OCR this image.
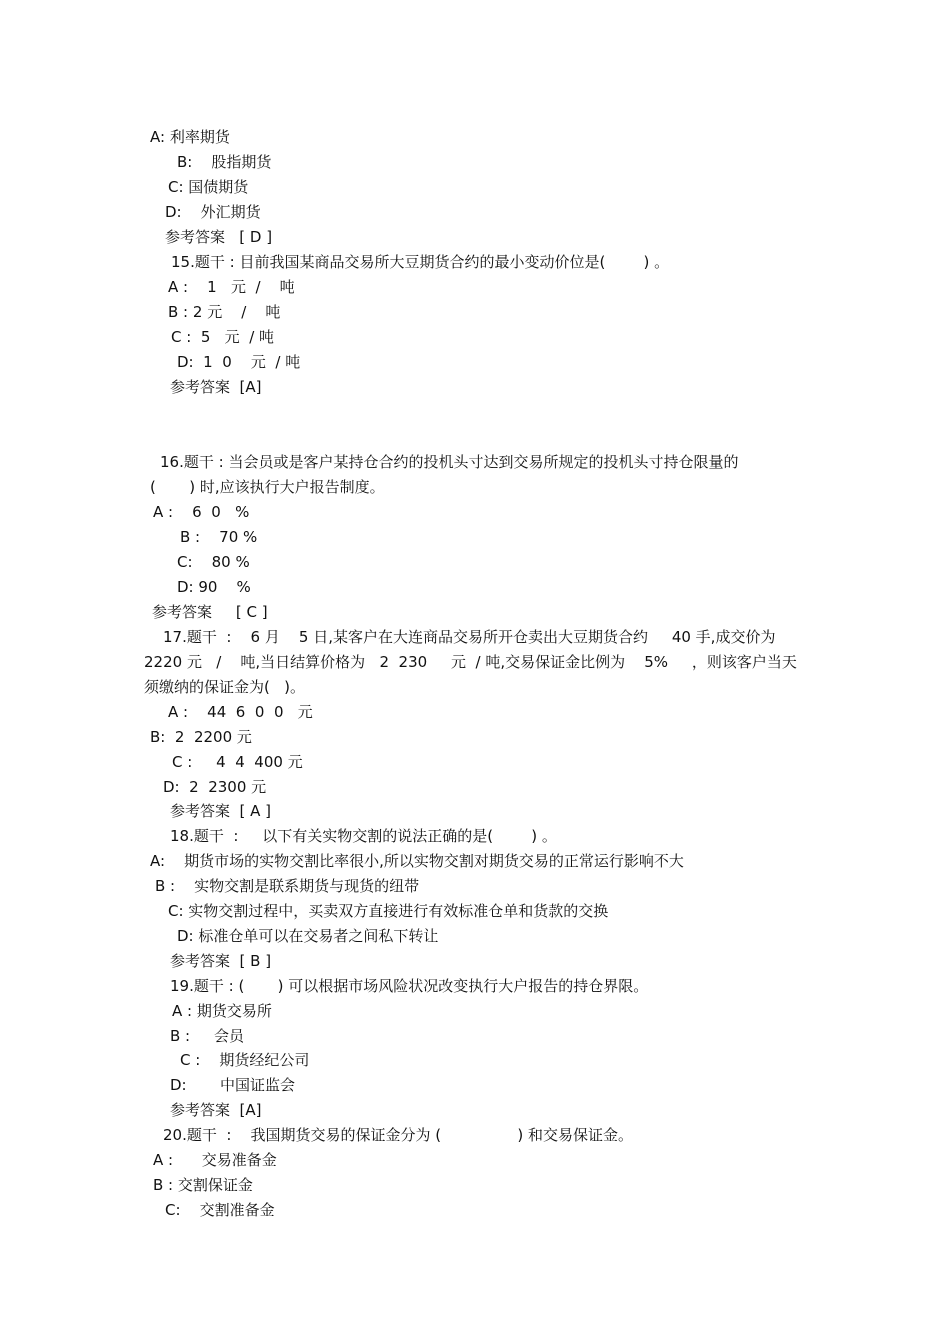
A: 利率期货
B:    股指期货
C: 国债期货
D:    外汇期货
参考答案   [ D ]
15.题干 : 目前我国某商品交易所大豆期货合约的最小变动价位是(        ) 。
A :    1   元  /    吨
B : 2 元    /    吨
C :  5   元  / 吨
D:  1  0    元  / 吨
参考答案  [A]
16.题干 : 当会员或是客户某持仓合约的投机头寸达到交易所规定的投机头寸持仓限量的
(       ) 时,应该执行大户报告制度。
A :    6  0   %
B :    70 %
C:    80 %
D: 90    %
参考答案     [ C ]
17.题干  :    6 月    5 日,某客户在大连商品交易所开仓卖出大豆期货合约     40 手,成交价为
2220 元   /    吨,当日结算价格为   2  230     元  / 吨,交易保证金比例为    5%     ，则该客户当天
须缴纳的保证金为(   )。
A :    44  6  0  0   元
B:  2  2200 元
C :     4  4  400 元
D:  2  2300 元
参考答案  [ A ]
18.题干  :     以下有关实物交割的说法正确的是(        ) 。
A:    期货市场的实物交割比率很小,所以实物交割对期货交易的正常运行影响不大
B :    实物交割是联系期货与现货的纽带
C: 实物交割过程中，买卖双方直接进行有效标准仓单和货款的交换
D: 标准仓单可以在交易者之间私下转让
参考答案  [ B ]
19.题干 : (       ) 可以根据市场风险状况改变执行大户报告的持仓界限。
A : 期货交易所
B :     会员
C :    期货经纪公司
D:       中国证监会
参考答案  [A]
20.题干  :    我国期货交易的保证金分为 (                ) 和交易保证金。
A :      交易准备金
B : 交割保证金
C:    交割准备金
